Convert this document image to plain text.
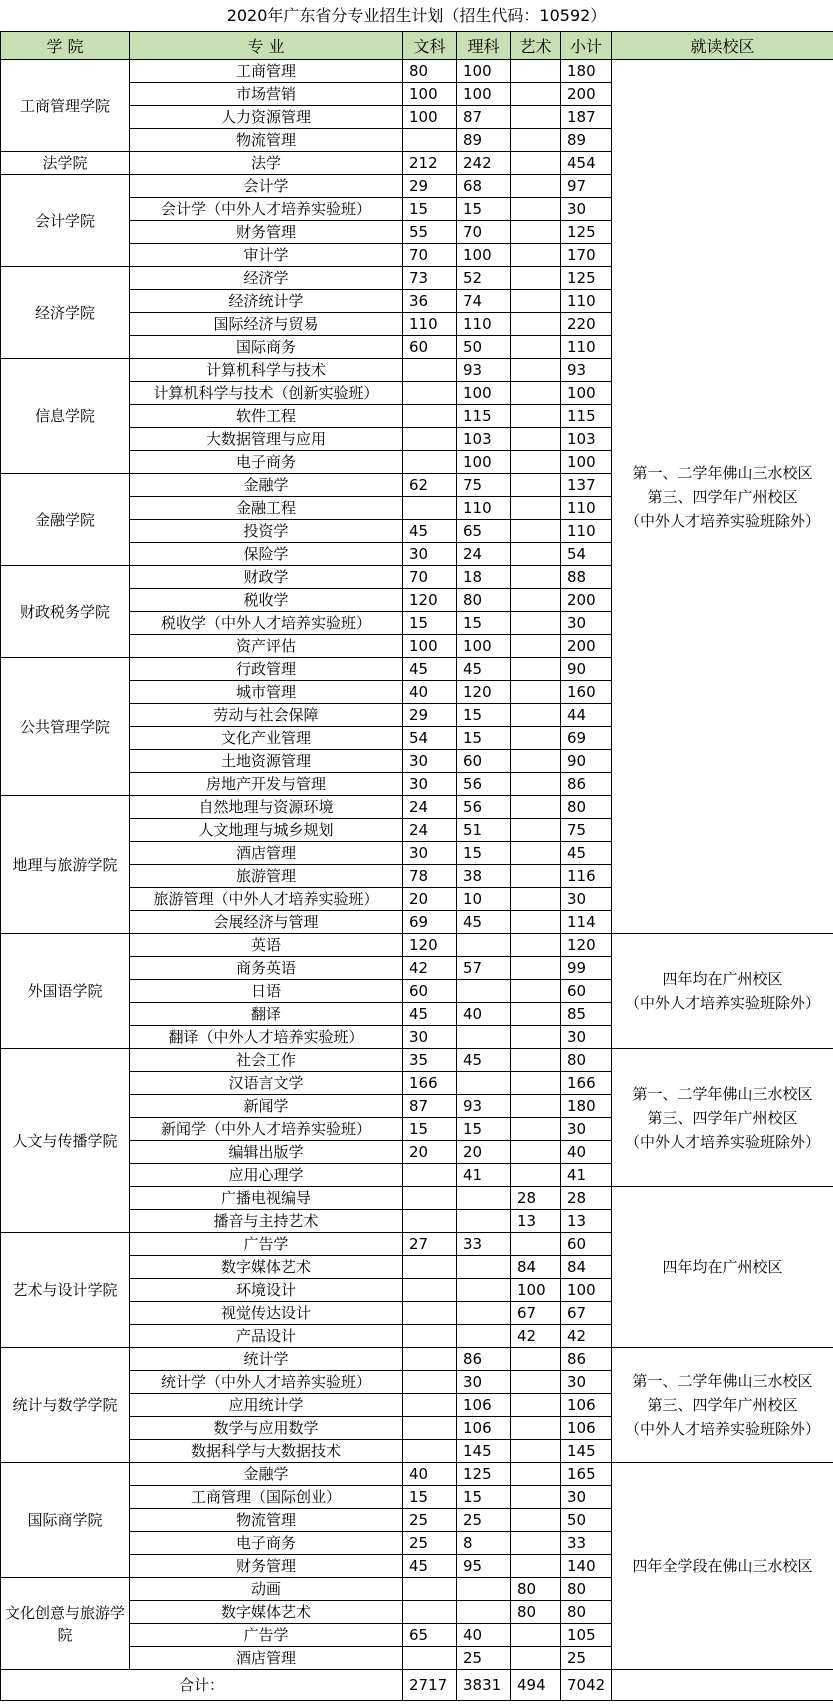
2020年广东省分专业招生计划（招生代码：10592）
学 院	专 业	文科	理科	艺术	小计	就读校区
工商管理学院	工商管理	80	100		180	第一、二学年佛山三水校区
第三、四学年广州校区
（中外人才培养实验班除外）

	市场营销	100	100		200	
	人力资源管理	100	87		187	
	物流管理		89		89	
法学院	法学	212	242		454	
会计学院	会计学	29	68		97	
	会计学（中外人才培养实验班）	15	15		30	
	财务管理	55	70		125	
	审计学	70	100		170	
经济学院	经济学	73	52		125	
	经济统计学	36	74		110	
	国际经济与贸易	110	110		220	
	国际商务	60	50		110	
信息学院	计算机科学与技术		93		93	
	计算机科学与技术（创新实验班）		100		100	
	软件工程		115		115	
	大数据管理与应用		103		103	
	电子商务		100		100	
金融学院	金融学	62	75		137	
	金融工程		110		110	
	投资学	45	65		110	
	保险学	30	24		54	
财政税务学院	财政学	70	18		88	
	税收学	120	80		200	
	税收学（中外人才培养实验班）	15	15		30	
	资产评估	100	100		200	
公共管理学院	行政管理	45	45		90	
	城市管理	40	120		160	
	劳动与社会保障	29	15		44	
	文化产业管理	54	15		69	
	土地资源管理	30	60		90	
	房地产开发与管理	30	56		86	
地理与旅游学院	自然地理与资源环境	24	56		80	
	人文地理与城乡规划	24	51		75	
	酒店管理	30	15		45	
	旅游管理	78	38		116	
	旅游管理（中外人才培养实验班）	20	10		30	
	会展经济与管理	69	45		114	
外国语学院	英语	120			120	四年均在广州校区
（中外人才培养实验班除外）

	商务英语	42	57		99	
	日语	60			60	
	翻译	45	40		85	
	翻译（中外人才培养实验班）	30			30	
人文与传播学院	社会工作	35	45		80	第一、二学年佛山三水校区
第三、四学年广州校区
（中外人才培养实验班除外）

	汉语言文学	166			166	
	新闻学	87	93		180	
	新闻学（中外人才培养实验班）	15	15		30	
	编辑出版学	20	20		40	
	应用心理学		41		41	
	广播电视编导			28	28	四年均在广州校区

	播音与主持艺术			13	13	
艺术与设计学院	广告学	27	33		60	
	数字媒体艺术			84	84	
	环境设计			100	100	
	视觉传达设计			67	67	
	产品设计			42	42	
统计与数学学院	统计学		86		86	第一、二学年佛山三水校区
第三、四学年广州校区
（中外人才培养实验班除外）

	统计学（中外人才培养实验班）		30		30	
	应用统计学		106		106	
	数学与应用数学		106		106	
	数据科学与大数据技术		145		145	
国际商学院	金融学	40	125		165	四年全学段在佛山三水校区

	工商管理（国际创业）	15	15		30	
	物流管理	25	25		50	
	电子商务	25	8		33	
	财务管理	45	95		140	
文化创意与旅游学院	动画			80	80	
	数字媒体艺术			80	80	
	广告学	65	40		105	
	酒店管理		25		25	
合计：		2717	3831	494	7042	
